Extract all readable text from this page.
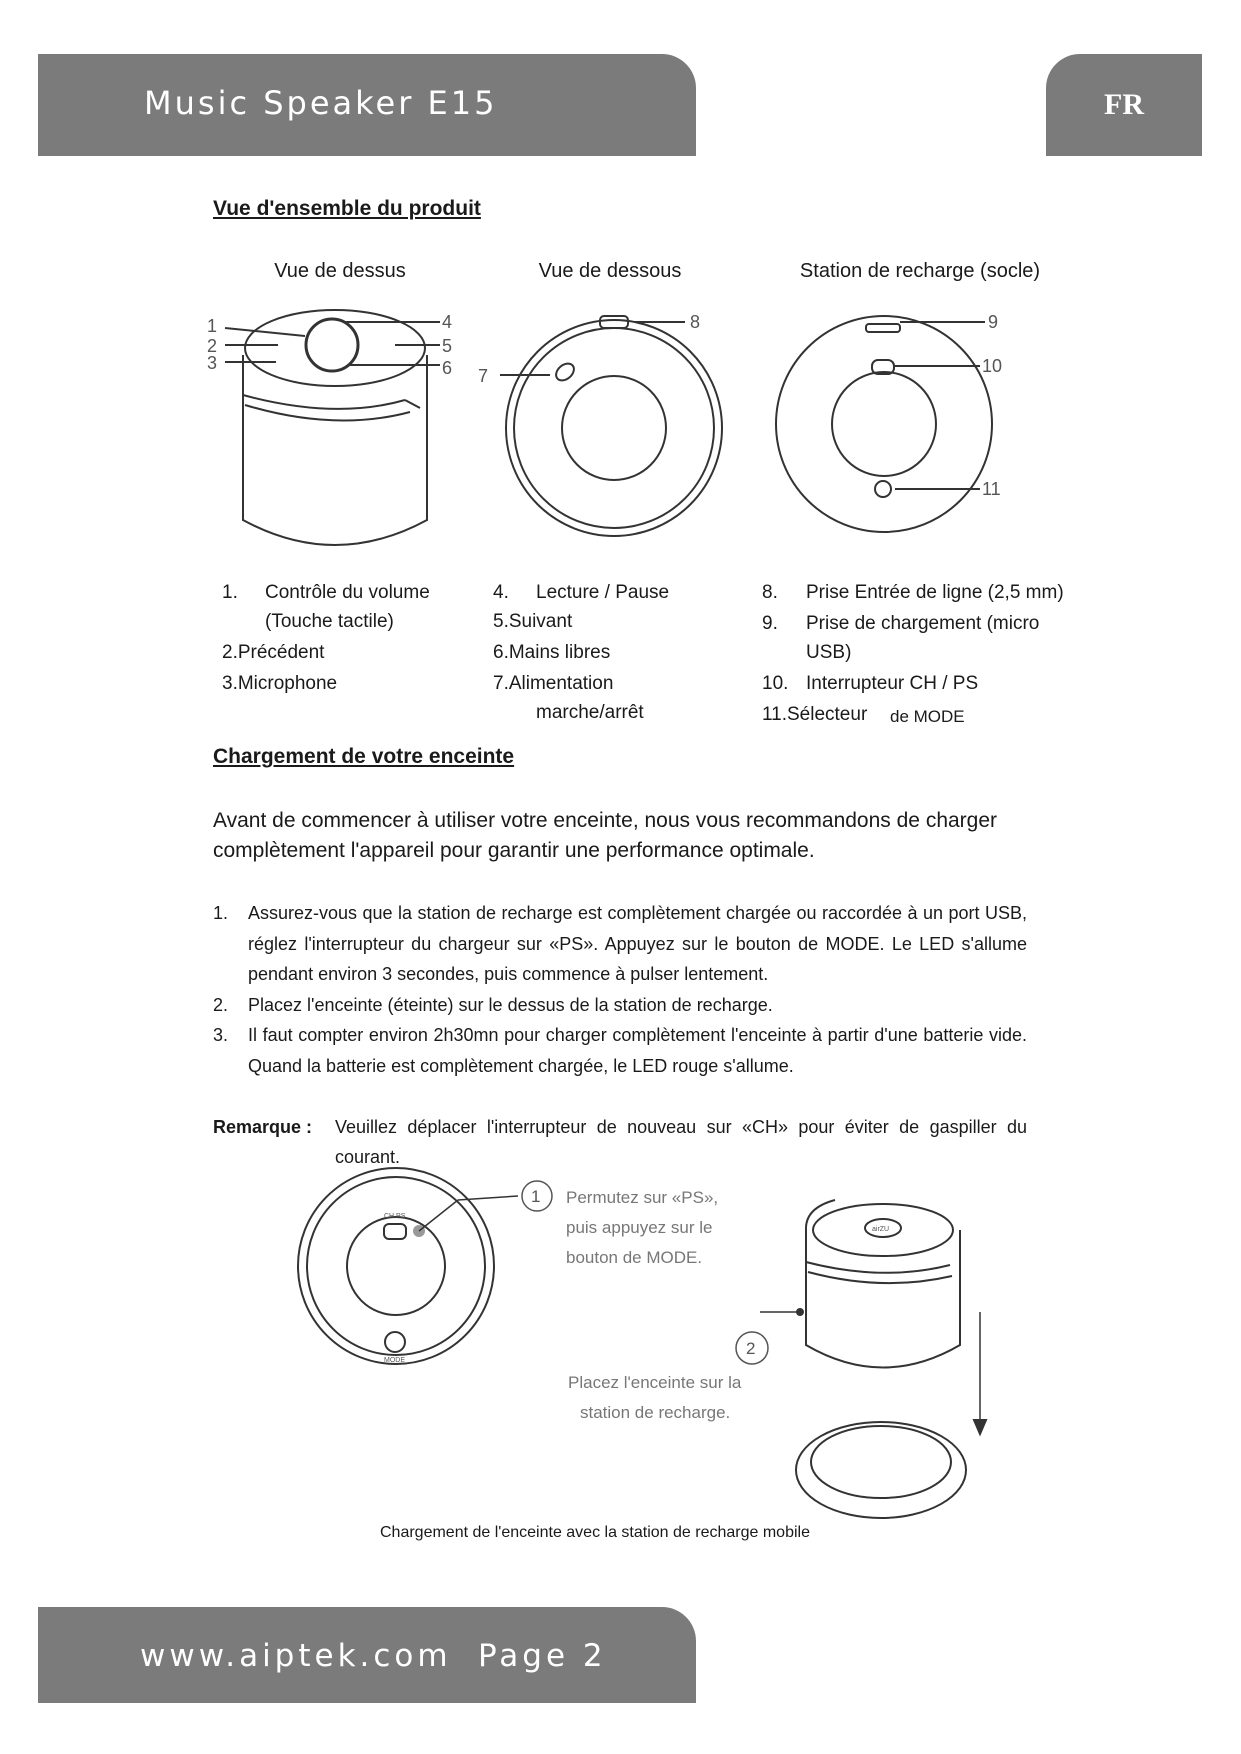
Music Speaker E15	FR
Vue d'ensemble du produit
Vue de dessus	Vue de dessous	Station de recharge (socle)
1
2
3
4
5
6 7
8	9
10
11
1. Contrôle du volume
(Touche tactile)
2.Précédent
3.Microphone
4. Lecture / Pause
5.Suivant
6.Mains libres
7.Alimentation
marche/arrêt
8. Prise Entrée de ligne (2,5 mm)
9. Prise de chargement (micro
USB)
10. Interrupteur CH / PS
11.Sélecteur de MODE
Chargement de votre enceinte
Avant de commencer à utiliser votre enceinte, nous vous recommandons de charger complètement l'appareil pour garantir une performance optimale.
1.	Assurez-vous que la station de recharge est complètement chargée ou raccordée à un port USB, réglez l'interrupteur du chargeur sur «PS». Appuyez sur le bouton de MODE. Le LED s'allume pendant environ 3 secondes, puis commence à pulser lentement.
2.	Placez l'enceinte (éteinte) sur le dessus de la station de recharge.
3.	Il faut compter environ 2h30mn pour charger complètement l'enceinte à partir d'une batterie vide. Quand la batterie est complètement chargée, le LED rouge s'allume.
Remarque :	Veuillez déplacer l'interrupteur de nouveau sur «CH» pour éviter de gaspiller du courant.
1
2
CH PS
MODE
airZU
Permutez sur «PS»,
puis appuyez sur le
bouton de MODE.
Placez l'enceinte sur la
station de recharge.
Chargement de l'enceinte avec la station de recharge mobile
www.aiptek.com Page 2
